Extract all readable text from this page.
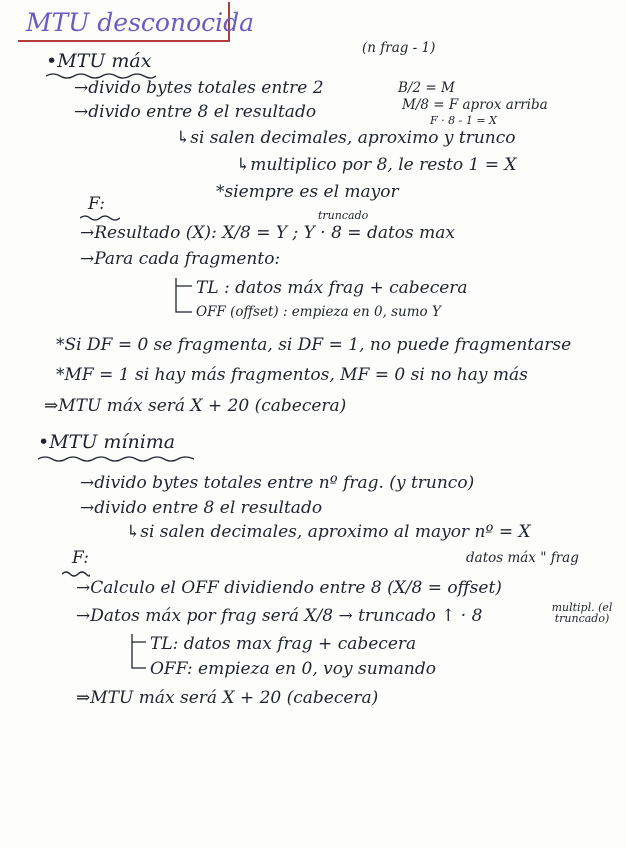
MTU desconocida
•MTU máx
(n frag - 1)
→divido bytes totales entre 2	B/2 = M
→divido entre 8 el resultado	M/8 = F aprox arriba
F · 8 - 1 = X
↳si salen decimales, aproximo y trunco
↳multiplico por 8, le resto 1 = X
*siempre es el mayor
F:
truncado
→Resultado (X): X/8 = Y ; Y · 8 = datos max
→Para cada fragmento:
TL : datos máx frag + cabecera
OFF (offset) : empieza en 0, sumo Y
*Si DF = 0 se fragmenta, si DF = 1, no puede fragmentarse
*MF = 1 si hay más fragmentos, MF = 0 si no hay más
⇒MTU máx será X + 20 (cabecera)
•MTU mínima
→divido bytes totales entre nº frag. (y trunco)
→divido entre 8 el resultado
↳si salen decimales, aproximo al mayor nº = X
datos máx " frag
F:
→Calculo el OFF dividiendo entre 8 (X/8 = offset)
→Datos máx por frag será X/8 → truncado ↑ · 8	multipl. (el truncado)
TL: datos max frag + cabecera
OFF: empieza en 0, voy sumando
⇒MTU máx será X + 20 (cabecera)
